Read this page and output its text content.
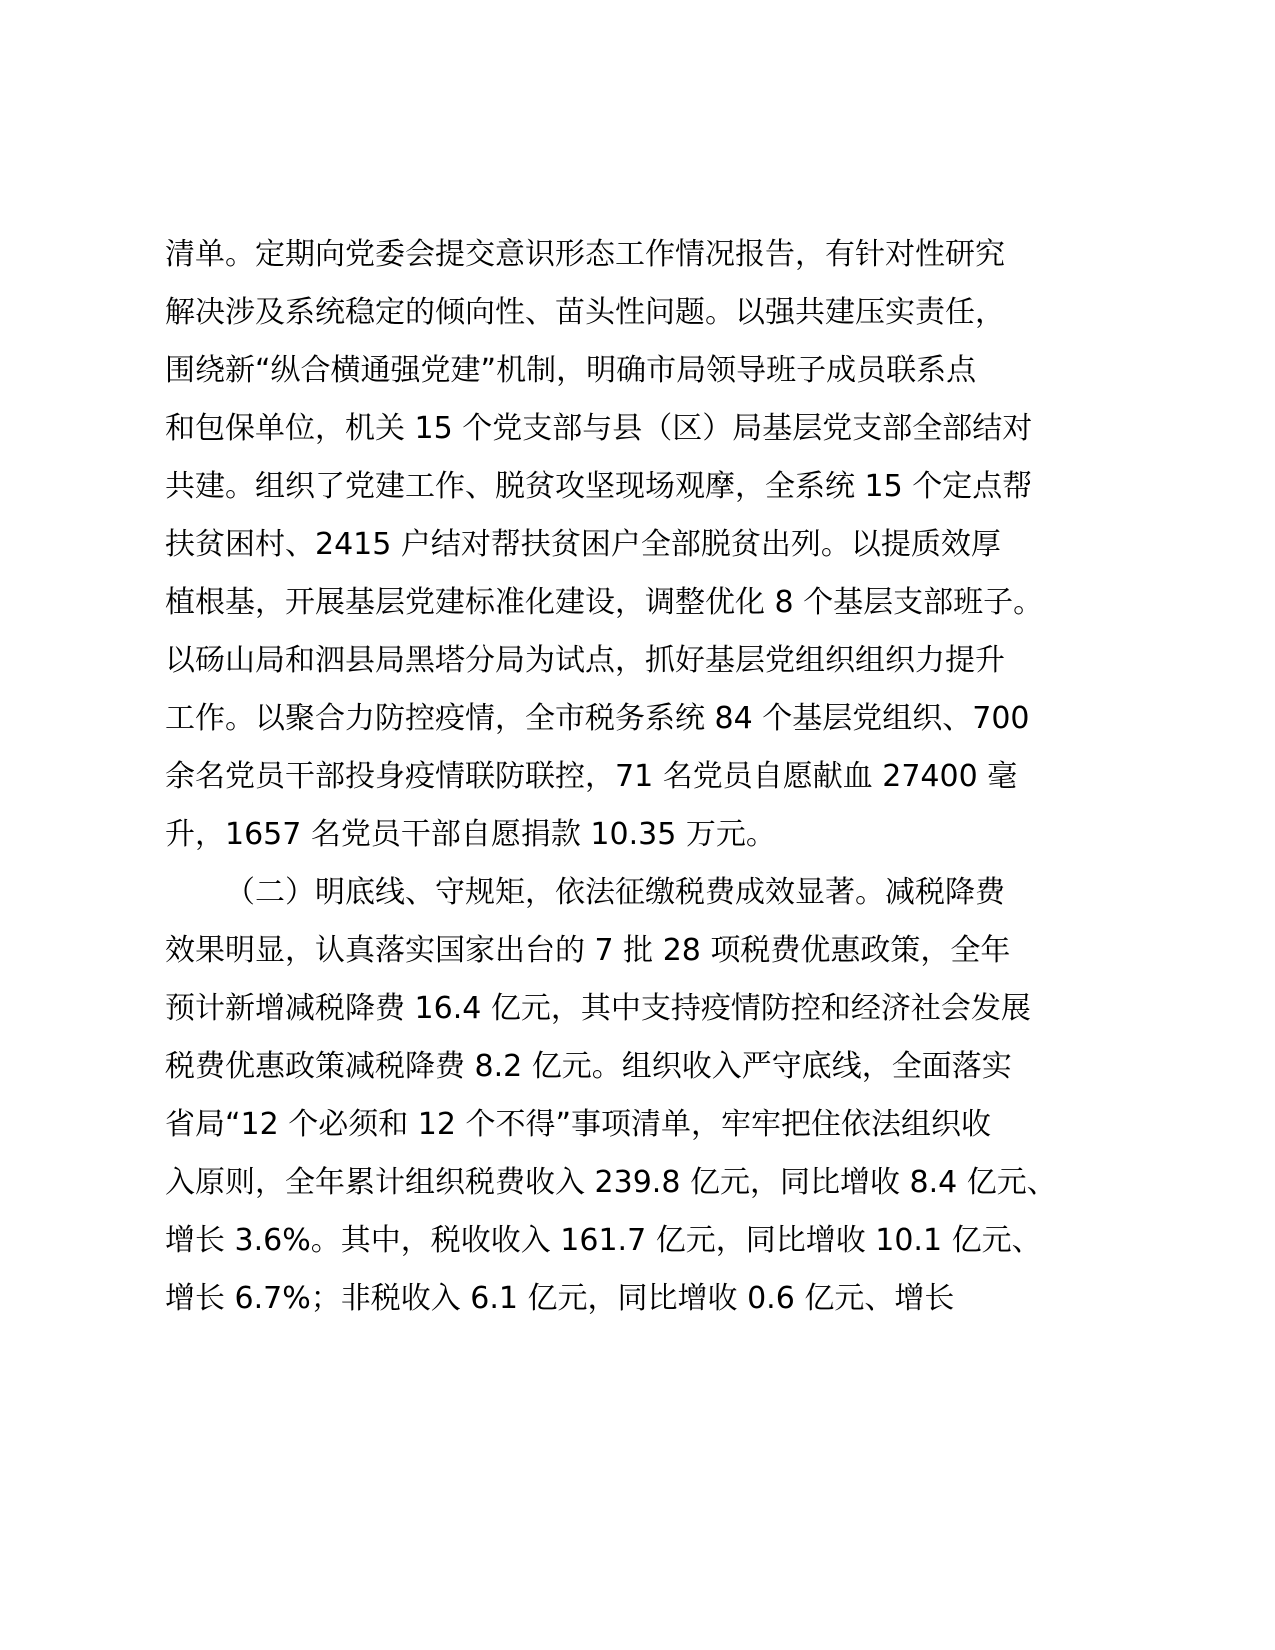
清单。定期向党委会提交意识形态工作情况报告，有针对性研究
解决涉及系统稳定的倾向性、苗头性问题。以强共建压实责任，
围绕新“纵合横通强党建”机制，明确市局领导班子成员联系点
和包保单位，机关 15 个党支部与县（区）局基层党支部全部结对
共建。组织了党建工作、脱贫攻坚现场观摩，全系统 15 个定点帮
扶贫困村、2415 户结对帮扶贫困户全部脱贫出列。以提质效厚
植根基，开展基层党建标准化建设，调整优化 8 个基层支部班子。
以砀山局和泗县局黑塔分局为试点，抓好基层党组织组织力提升
工作。以聚合力防控疫情，全市税务系统 84 个基层党组织、700
余名党员干部投身疫情联防联控，71 名党员自愿献血 27400 毫
升，1657 名党员干部自愿捐款 10.35 万元。
（二）明底线、守规矩，依法征缴税费成效显著。减税降费
效果明显，认真落实国家出台的 7 批 28 项税费优惠政策，全年
预计新增减税降费 16.4 亿元，其中支持疫情防控和经济社会发展
税费优惠政策减税降费 8.2 亿元。组织收入严守底线，全面落实
省局“12 个必须和 12 个不得”事项清单，牢牢把住依法组织收
入原则，全年累计组织税费收入 239.8 亿元，同比增收 8.4 亿元、
增长 3.6%。其中，税收收入 161.7 亿元，同比增收 10.1 亿元、
增长 6.7%；非税收入 6.1 亿元，同比增收 0.6 亿元、增长
